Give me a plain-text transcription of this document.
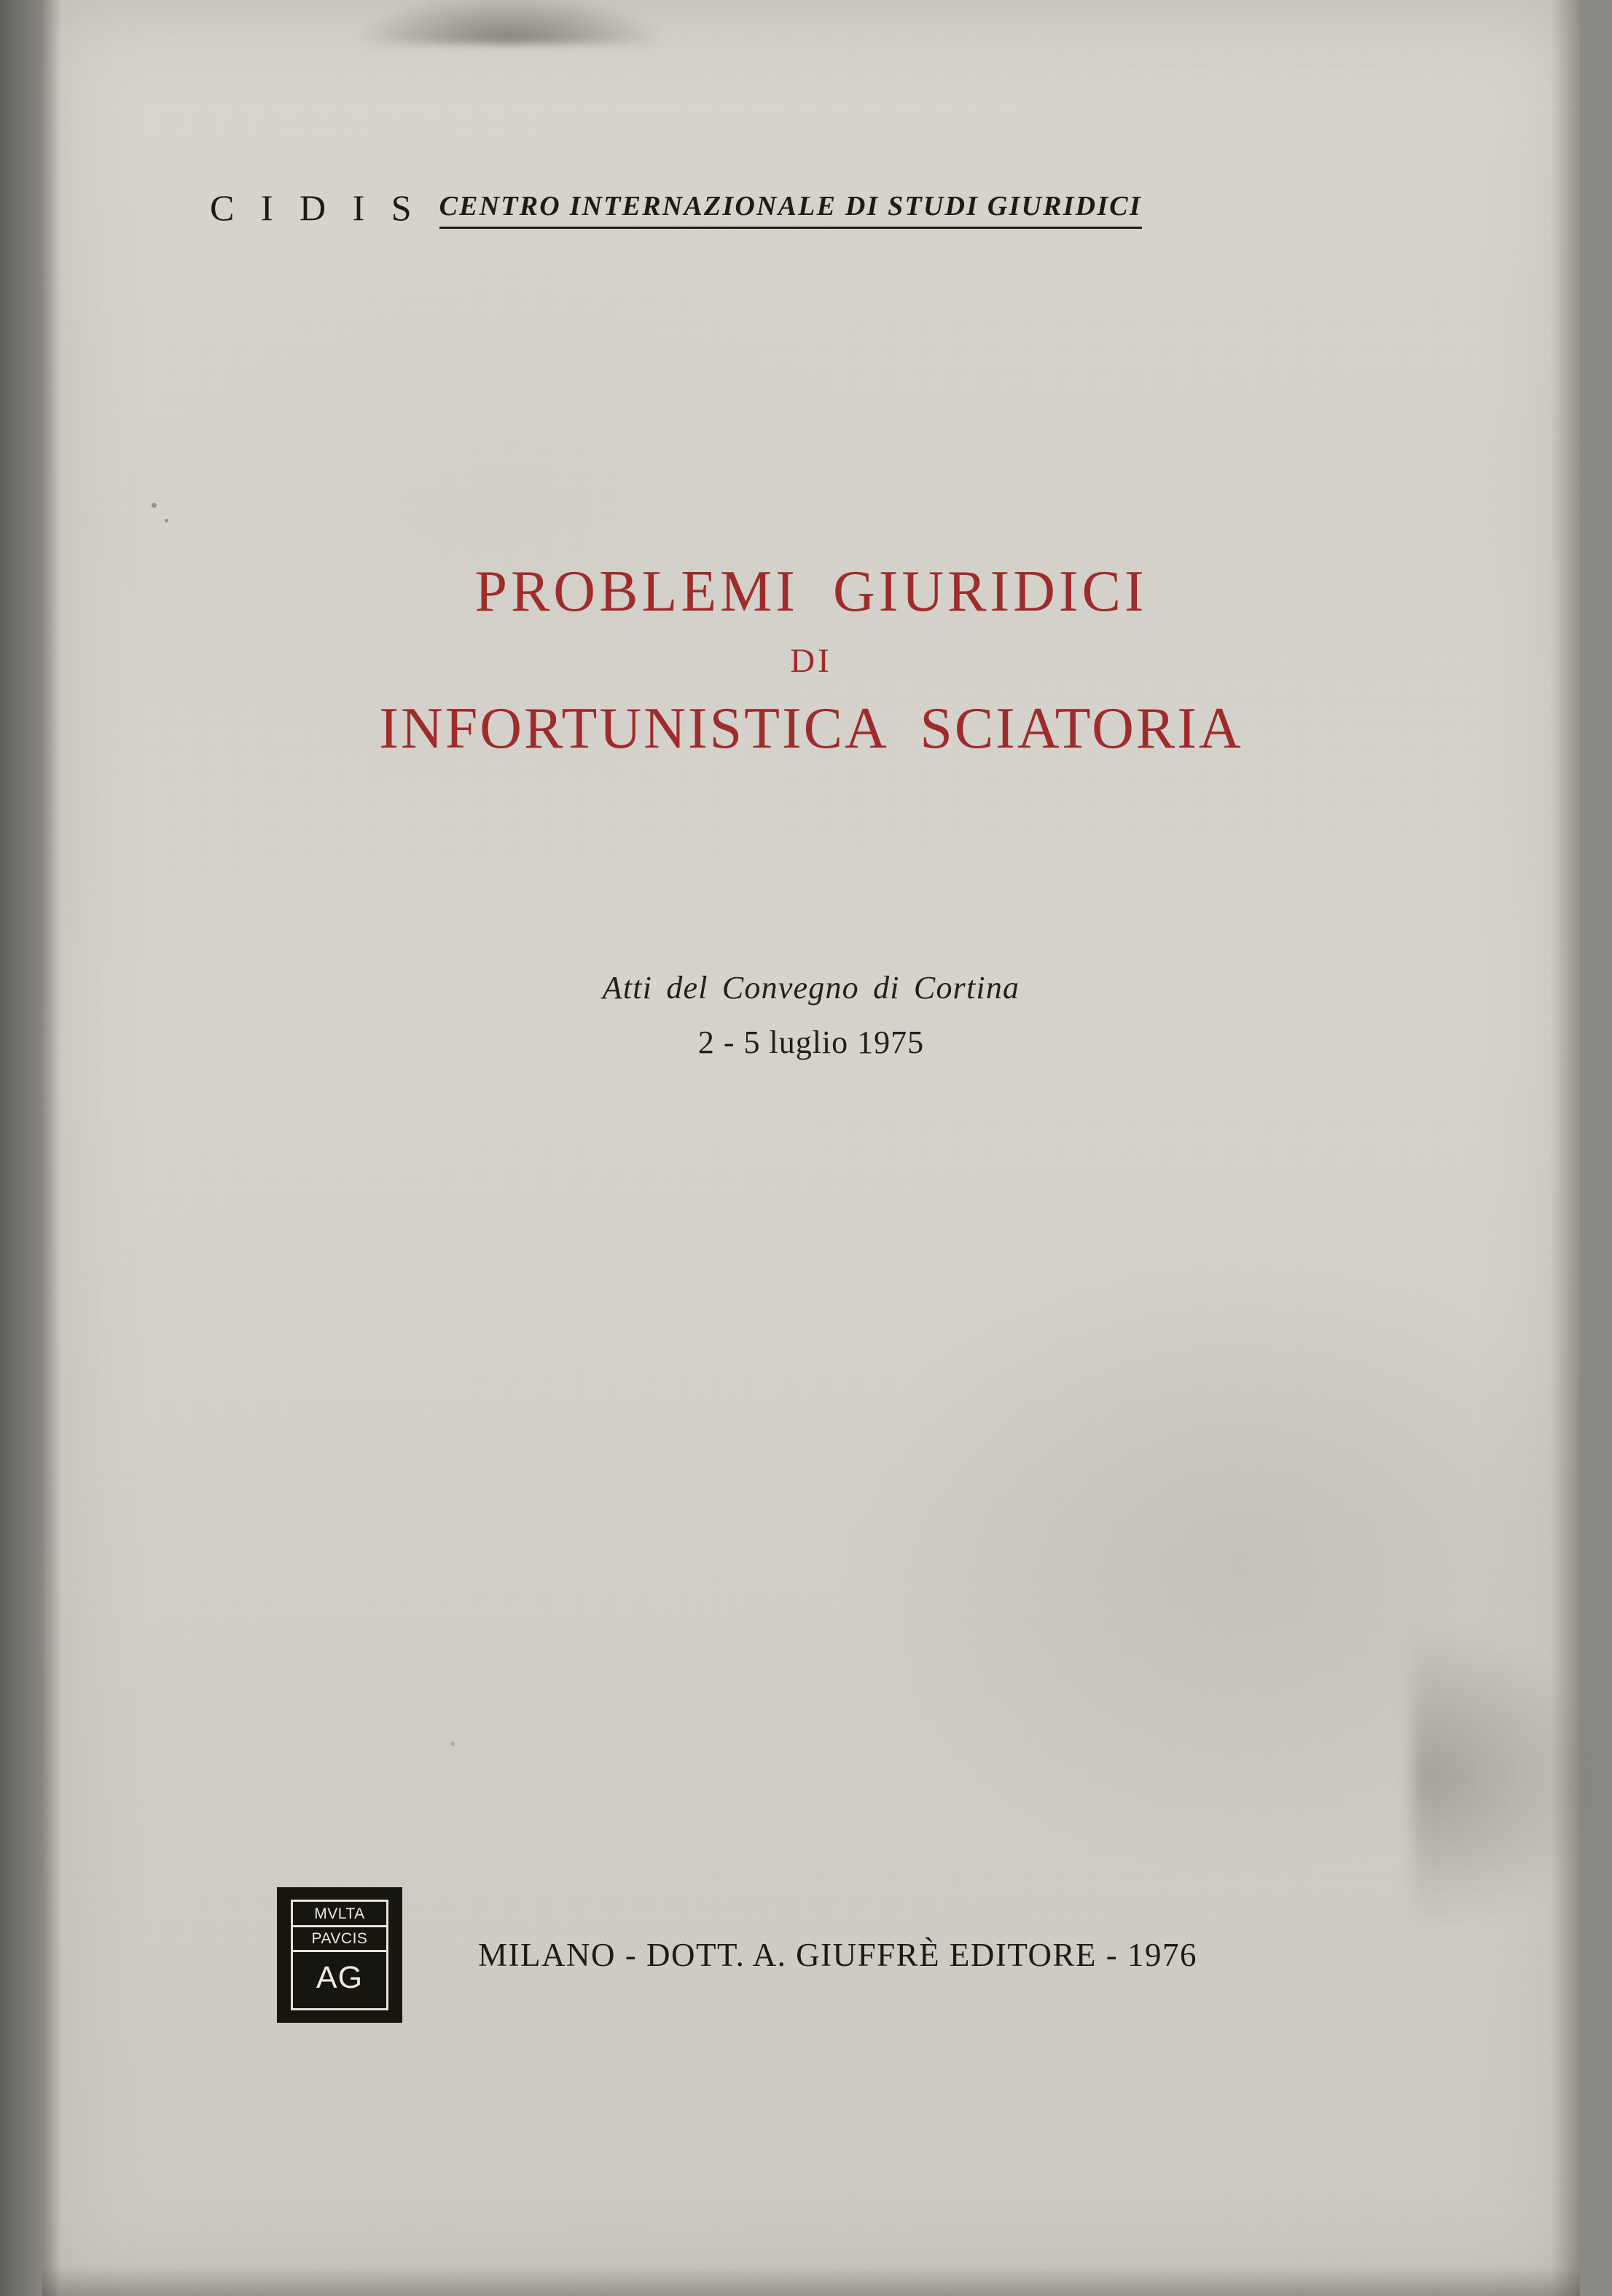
C I D I S CENTRO INTERNAZIONALE DI STUDI GIURIDICI
PROBLEMI GIURIDICI
DI
INFORTUNISTICA SCIATORIA
Atti del Convegno di Cortina
2 - 5 luglio 1975
MVLTA
PAVCIS
AG
MILANO - DOTT. A. GIUFFRÈ EDITORE - 1976
